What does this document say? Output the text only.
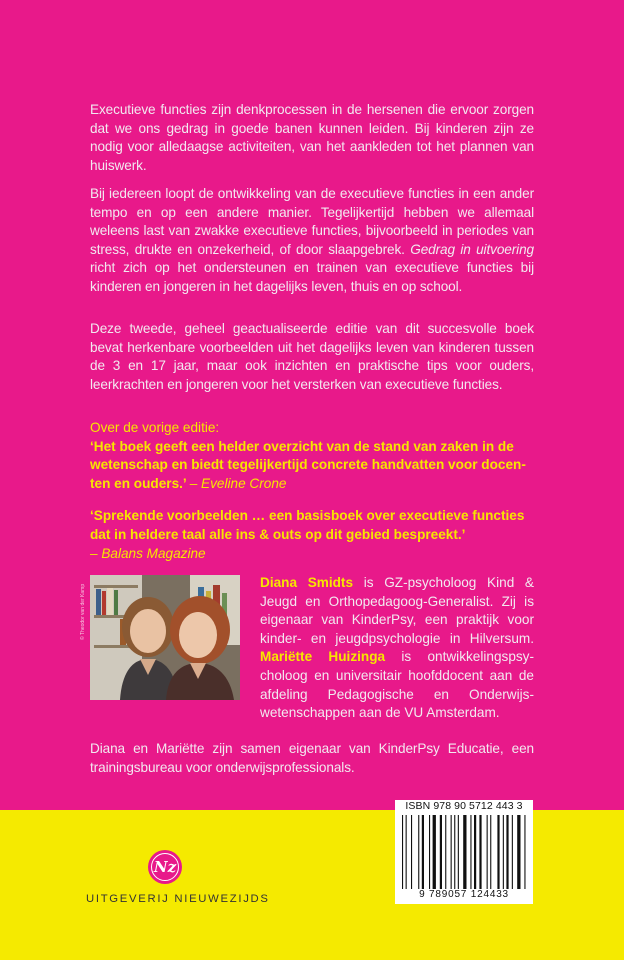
Executieve functies zijn denkprocessen in de hersenen die ervoor zorgen dat we ons gedrag in goede banen kunnen leiden. Bij kinderen zijn ze nodig voor alledaagse activiteiten, van het aankleden tot het plannen van huiswerk.

Bij iedereen loopt de ontwikkeling van de executieve functies in een ander tempo en op een andere manier. Tegelijkertijd hebben we allemaal weleens last van zwakke executieve functies, bijvoorbeeld in periodes van stress, drukte en onzekerheid, of door slaapgebrek. Gedrag in uitvoering richt zich op het ondersteunen en trainen van executieve functies bij kinderen en jongeren in het dagelijks leven, thuis en op school.

Deze tweede, geheel geactualiseerde editie van dit succesvolle boek bevat herkenbare voorbeelden uit het dagelijks leven van kinderen tussen de 3 en 17 jaar, maar ook inzichten en praktische tips voor ouders, leerkrachten en jongeren voor het versterken van executieve functies.

Over de vorige editie:

‘Het boek geeft een helder overzicht van de stand van zaken in de wetenschap en biedt tegelijkertijd concrete handvatten voor docenten en ouders.’ – Eveline Crone

‘Sprekende voorbeelden … een basisboek over executieve functies dat in heldere taal alle ins & outs op dit gebied bespreekt.’

– Balans Magazine

© Theodor van der Kamp
Diana Smidts is GZ-psycholoog Kind & Jeugd en Orthopedagoog-Generalist. Zij is eigenaar van KinderPsy, een praktijk voor kinder- en jeugdpsychologie in Hilversum. Mariëtte Huizinga is ontwikkelingspsycholoog en universitair hoofddocent aan de afdeling Pedagogische en Onderwijswetenschappen aan de VU Amsterdam.

Diana en Mariëtte zijn samen eigenaar van KinderPsy Educatie, een trainingsbureau voor onderwijsprofessionals.

Nz
UITGEVERIJ NIEUWEZIJDS
ISBN 978 90 5712 443 3
9 789057 124433
